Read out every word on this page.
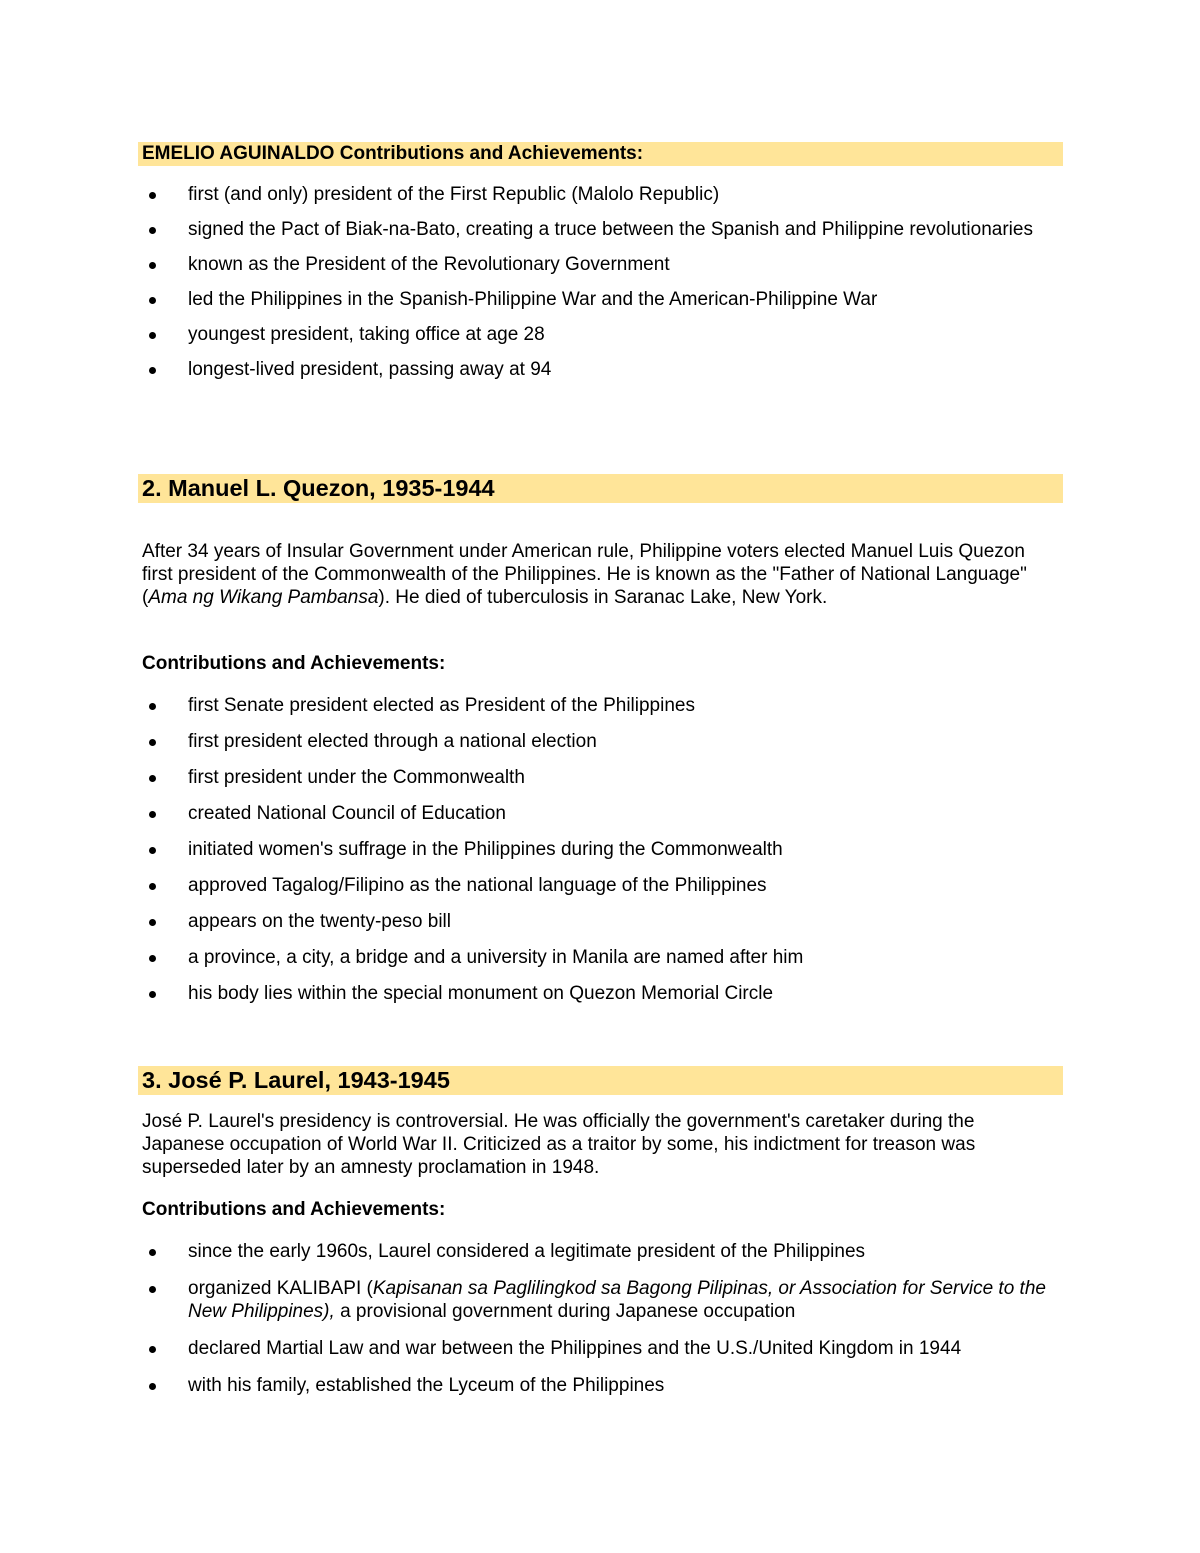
EMELIO AGUINALDO Contributions and Achievements:
first (and only) president of the First Republic (Malolo Republic)
signed the Pact of Biak-na-Bato, creating a truce between the Spanish and Philippine revolutionaries
known as the President of the Revolutionary Government
led the Philippines in the Spanish-Philippine War and the American-Philippine War
youngest president, taking office at age 28
longest-lived president, passing away at 94
2. Manuel L. Quezon, 1935-1944

After 34 years of Insular Government under American rule, Philippine voters elected Manuel Luis Quezon first president of the Commonwealth of the Philippines. He is known as the "Father of National Language" (Ama ng Wikang Pambansa). He died of tuberculosis in Saranac Lake, New York.

Contributions and Achievements:

first Senate president elected as President of the Philippines
first president elected through a national election
first president under the Commonwealth
created National Council of Education
initiated women's suffrage in the Philippines during the Commonwealth
approved Tagalog/Filipino as the national language of the Philippines
appears on the twenty-peso bill
a province, a city, a bridge and a university in Manila are named after him
his body lies within the special monument on Quezon Memorial Circle
3. José P. Laurel, 1943-1945

José P. Laurel's presidency is controversial. He was officially the government's caretaker during the Japanese occupation of World War II. Criticized as a traitor by some, his indictment for treason was superseded later by an amnesty proclamation in 1948.

Contributions and Achievements:

since the early 1960s, Laurel considered a legitimate president of the Philippines
organized KALIBAPI (Kapisanan sa Paglilingkod sa Bagong Pilipinas, or Association for Service to the New Philippines), a provisional government during Japanese occupation
declared Martial Law and war between the Philippines and the U.S./United Kingdom in 1944
with his family, established the Lyceum of the Philippines
